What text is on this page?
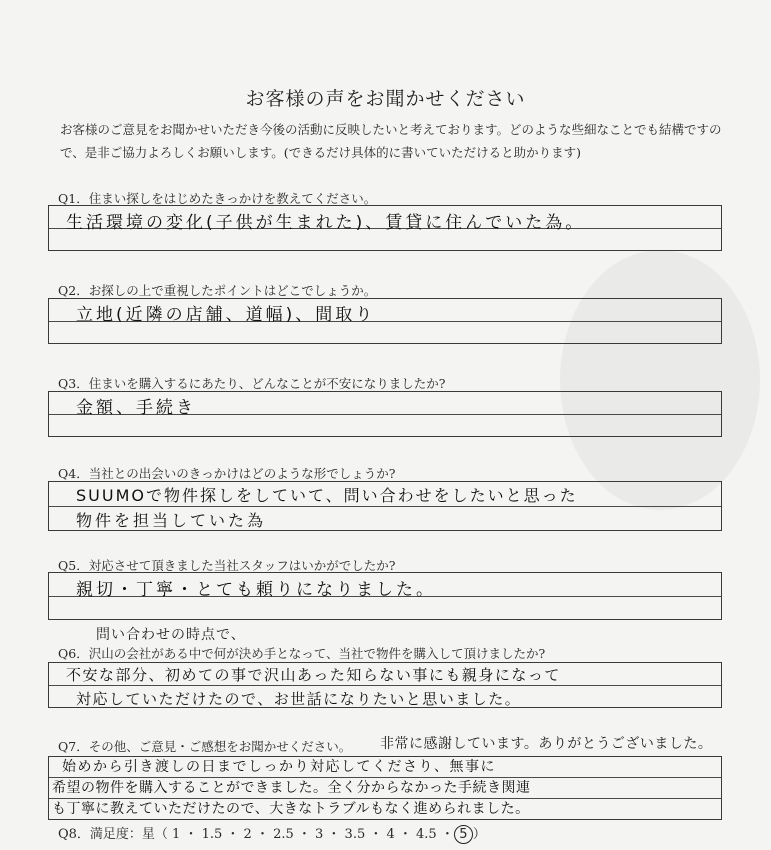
お客様の声をお聞かせください
お客様のご意見をお聞かせいただき今後の活動に反映したいと考えております。どのような些細なことでも結構ですので、是非ご協力よろしくお願いします。(できるだけ具体的に書いていただけると助かります)
Q1．住まい探しをはじめたきっかけを教えてください。
生活環境の変化(子供が生まれた)、賃貸に住んでいた為。
Q2．お探しの上で重視したポイントはどこでしょうか。
立地(近隣の店舗、道幅)、間取り
Q3．住まいを購入するにあたり、どんなことが不安になりましたか?
金額、手続き
Q4．当社との出会いのきっかけはどのような形でしょうか?
SUUMOで物件探しをしていて、問い合わせをしたいと思った
物件を担当していた為
Q5．対応させて頂きました当社スタッフはいかがでしたか?
親切・丁寧・とても頼りになりました。
問い合わせの時点で、
Q6．沢山の会社がある中で何が決め手となって、当社で物件を購入して頂けましたか?
不安な部分、初めての事で沢山あった知らない事にも親身になって
対応していただけたので、お世話になりたいと思いました。
Q7．その他、ご意見・ご感想をお聞かせください。 非常に感謝しています。ありがとうございました。
始めから引き渡しの日までしっかり対応してくださり、無事に
希望の物件を購入することができました。全く分からなかった手続き関連
も丁寧に教えていただけたので、大きなトラブルもなく進められました。
Q8．満足度：星（ 1 ・ 1.5 ・ 2 ・ 2.5 ・ 3 ・ 3.5 ・ 4 ・ 4.5 ・ 5 ）
